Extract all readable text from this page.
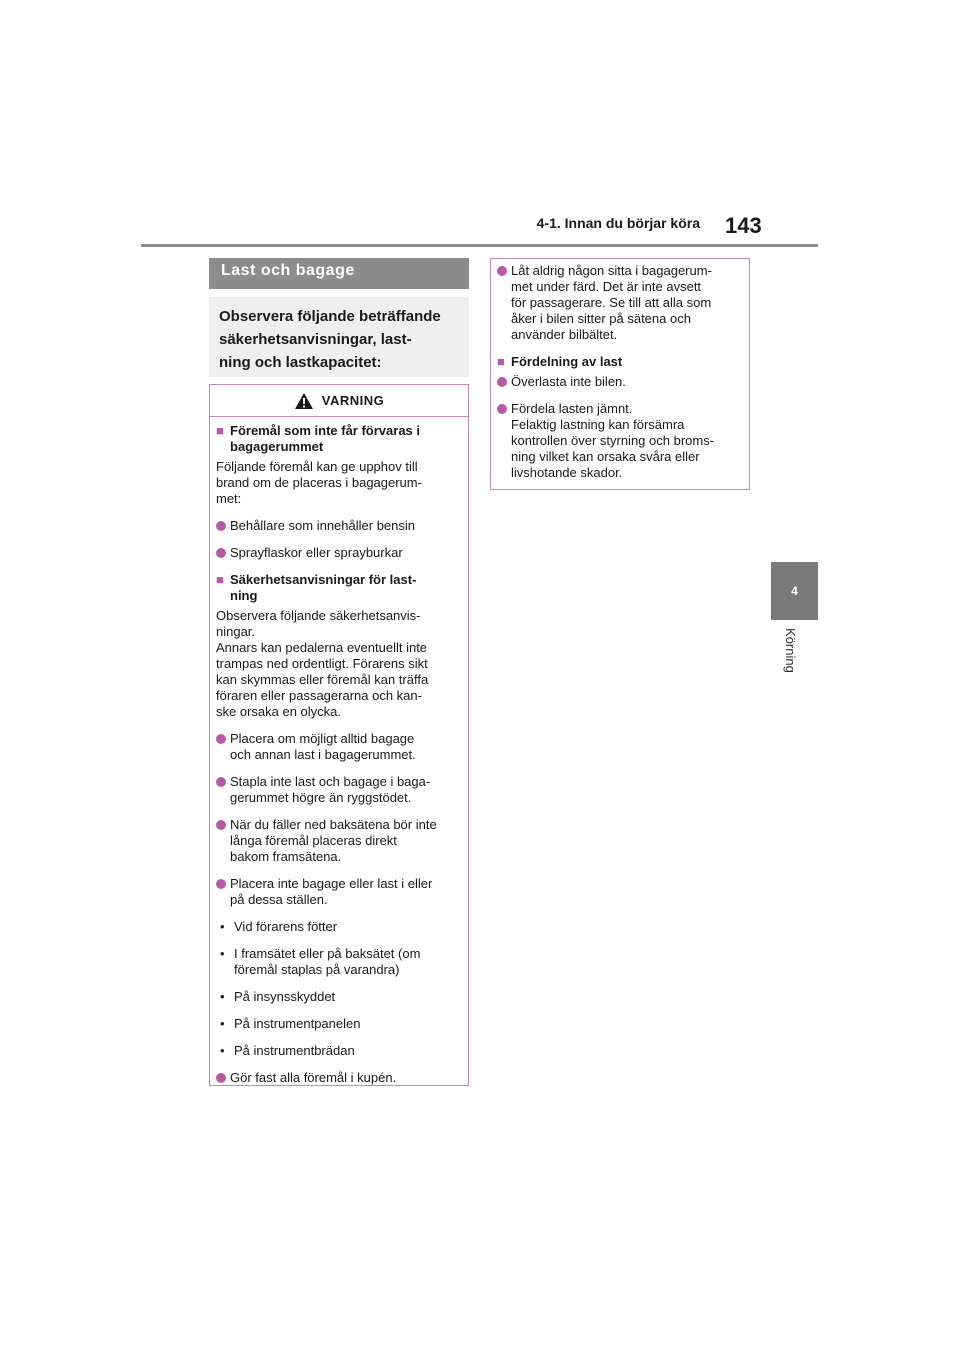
4-1. Innan du börjar köra 143
4
Körning
Last och bagage
Observera följande beträffande
säkerhetsanvisningar, last-
ning och lastkapacitet:
VARNING
■ Föremål som inte får förvaras i
bagagerummet
Följande föremål kan ge upphov till
brand om de placeras i bagagerum-
met:
Behållare som innehåller bensin
Sprayflaskor eller sprayburkar
■ Säkerhetsanvisningar för last-
ning
Observera följande säkerhetsanvis-
ningar.
Annars kan pedalerna eventuellt inte
trampas ned ordentligt. Förarens sikt
kan skymmas eller föremål kan träffa
föraren eller passagerarna och kan-
ske orsaka en olycka.
Placera om möjligt alltid bagage
och annan last i bagagerummet.
Stapla inte last och bagage i baga-
gerummet högre än ryggstödet.
När du fäller ned baksätena bör inte
långa föremål placeras direkt
bakom framsätena.
Placera inte bagage eller last i eller
på dessa ställen.
• Vid förarens fötter
• I framsätet eller på baksätet (om
föremål staplas på varandra)
• På insynsskyddet
• På instrumentpanelen
• På instrumentbrädan
Gör fast alla föremål i kupén.
Låt aldrig någon sitta i bagagerum-
met under färd. Det är inte avsett
för passagerare. Se till att alla som
åker i bilen sitter på sätena och
använder bilbältet.
■ Fördelning av last
Överlasta inte bilen.
Fördela lasten jämnt.
Felaktig lastning kan försämra
kontrollen över styrning och broms-
ning vilket kan orsaka svåra eller
livshotande skador.
